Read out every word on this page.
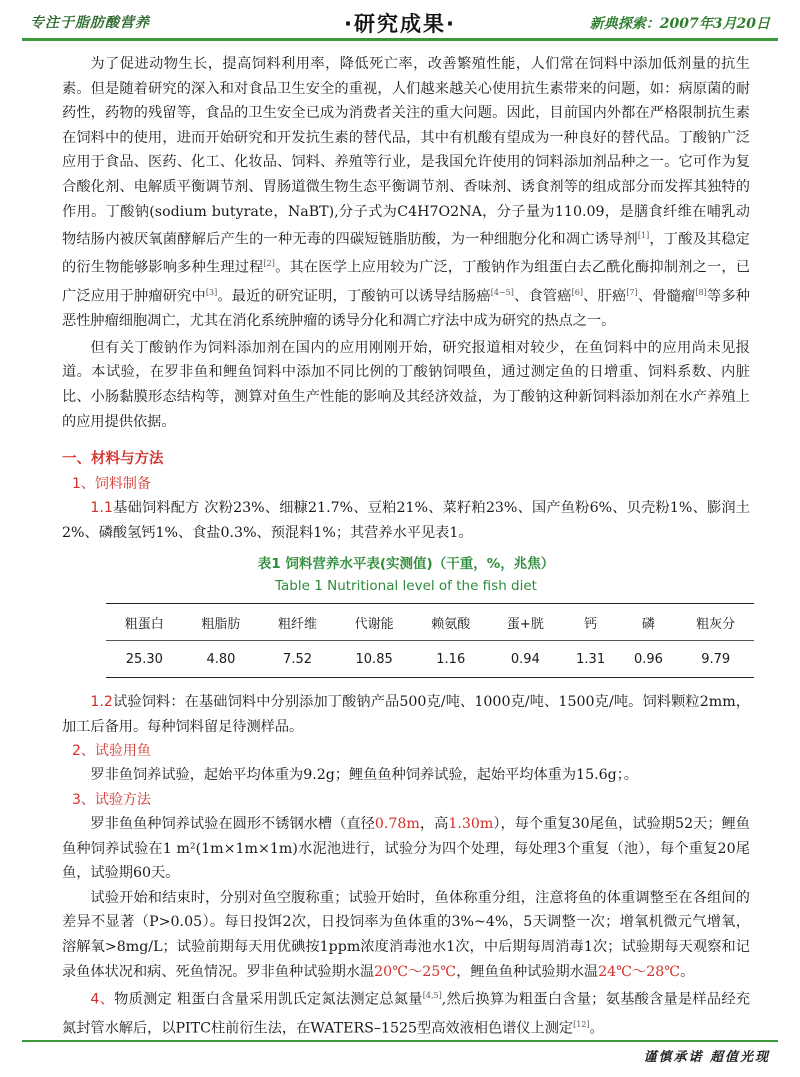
专注于脂肪酸营养	·研究成果·	新典探索：2007年3月20日

为了促进动物生长，提高饲料利用率，降低死亡率，改善繁殖性能，人们常在饲料中添加低剂量的抗生素。但是随着研究的深入和对食品卫生安全的重视，人们越来越关心使用抗生素带来的问题，如：病原菌的耐药性，药物的残留等，食品的卫生安全已成为消费者关注的重大问题。因此，目前国内外都在严格限制抗生素在饲料中的使用，进而开始研究和开发抗生素的替代品，其中有机酸有望成为一种良好的替代品。丁酸钠广泛应用于食品、医药、化工、化妆品、饲料、养殖等行业，是我国允许使用的饲料添加剂品种之一。它可作为复合酸化剂、电解质平衡调节剂、胃肠道微生物生态平衡调节剂、香味剂、诱食剂等的组成部分而发挥其独特的作用。丁酸钠(sodium butyrate，NaBT),分子式为C4H7O2NA，分子量为110.09，是膳食纤维在哺乳动物结肠内被厌氧菌酵解后产生的一种无毒的四碳短链脂肪酸，为一种细胞分化和凋亡诱导剂[1]，丁酸及其稳定的衍生物能够影响多种生理过程[2]。其在医学上应用较为广泛，丁酸钠作为组蛋白去乙酰化酶抑制剂之一，已广泛应用于肿瘤研究中[3]。最近的研究证明，丁酸钠可以诱导结肠癌[4~5]、食管癌[6]、肝癌[7]、骨髓瘤[8]等多种恶性肿瘤细胞凋亡，尤其在消化系统肿瘤的诱导分化和凋亡疗法中成为研究的热点之一。

但有关丁酸钠作为饲料添加剂在国内的应用刚刚开始，研究报道相对较少，在鱼饲料中的应用尚未见报道。本试验，在罗非鱼和鲤鱼饲料中添加不同比例的丁酸钠饲喂鱼，通过测定鱼的日增重、饲料系数、内脏比、小肠黏膜形态结构等，测算对鱼生产性能的影响及其经济效益，为丁酸钠这种新饲料添加剂在水产养殖上的应用提供依据。

一、材料与方法
1、饲料制备

1.1基础饲料配方 次粉23%、细糠21.7%、豆粕21%、菜籽粕23%、国产鱼粉6%、贝壳粉1%、膨润土2%、磷酸氢钙1%、食盐0.3%、预混料1%；其营养水平见表1。

表1 饲料营养水平表(实测值)（干重，%，兆焦）
Table 1 Nutritional level of the fish diet
粗蛋白	粗脂肪	粗纤维	代谢能	赖氨酸	蛋+胱	钙	磷	粗灰分
25.30	4.80	7.52	10.85	1.16	0.94	1.31	0.96	9.79

1.2试验饲料：在基础饲料中分别添加丁酸钠产品500克/吨、1000克/吨、1500克/吨。饲料颗粒2mm，加工后备用。每种饲料留足待测样品。

2、试验用鱼

罗非鱼饲养试验，起始平均体重为9.2g；鲤鱼鱼种饲养试验，起始平均体重为15.6g；。

3、试验方法

罗非鱼鱼种饲养试验在圆形不锈钢水槽（直径0.78m，高1.30m），每个重复30尾鱼，试验期52天；鲤鱼鱼种饲养试验在1 m²(1m×1m×1m)水泥池进行，试验分为四个处理，每处理3个重复（池），每个重复20尾鱼，试验期60天。

试验开始和结束时，分别对鱼空腹称重；试验开始时，鱼体称重分组，注意将鱼的体重调整至在各组间的差异不显著（P>0.05）。每日投饵2次，日投饲率为鱼体重的3%~4%，5天调整一次；增氧机微元气增氧，溶解氧>8mg/L；试验前期每天用优碘按1ppm浓度消毒池水1次，中后期每周消毒1次；试验期每天观察和记录鱼体状况和病、死鱼情况。罗非鱼种试验期水温20℃～25℃，鲤鱼鱼种试验期水温24℃～28℃。

4、物质测定 粗蛋白含量采用凯氏定氮法测定总氮量[4,5],然后换算为粗蛋白含量；氨基酸含量是样品经充氮封管水解后，以PITC柱前衍生法，在WATERS–1525型高效液相色谱仪上测定[12]。

谨慎承诺 超值光现
